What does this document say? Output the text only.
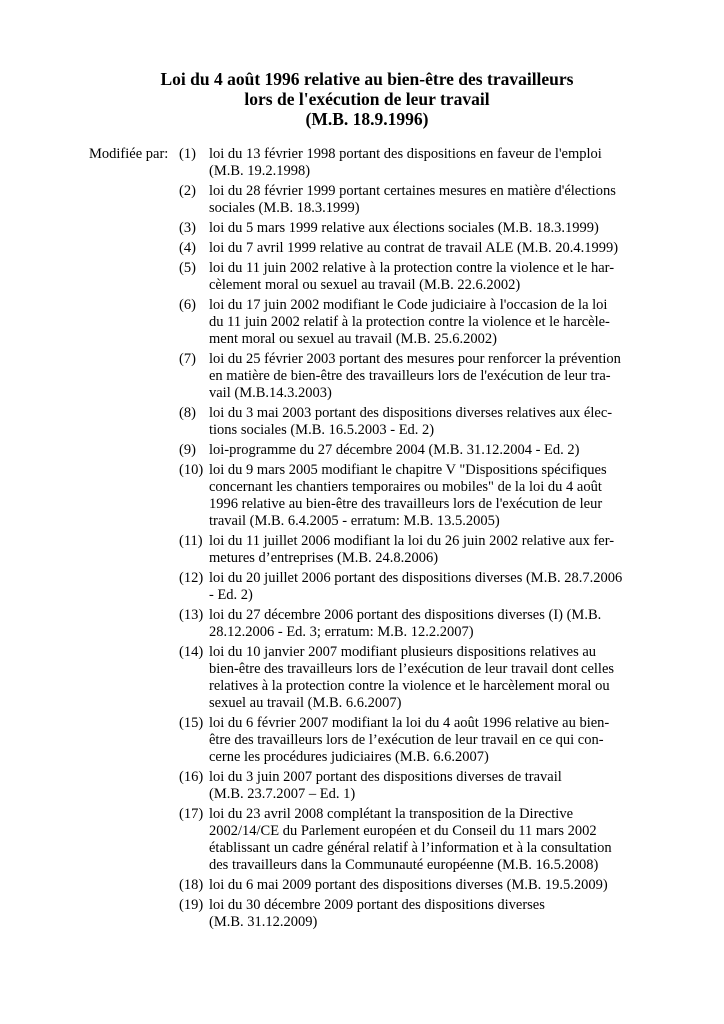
Loi du 4 août 1996 relative au bien-être des travailleurs
lors de l'exécution de leur travail
(M.B. 18.9.1996)
Modifiée par: (1) loi du 13 février 1998 portant des dispositions en faveur de l'emploi
(M.B. 19.2.1998)
(2) loi du 28 février 1999 portant certaines mesures en matière d'élections
sociales (M.B. 18.3.1999)
(3) loi du 5 mars 1999 relative aux élections sociales (M.B. 18.3.1999)
(4) loi du 7 avril 1999 relative au contrat de travail ALE (M.B. 20.4.1999)
(5) loi du 11 juin 2002 relative à la protection contre la violence et le har-
cèlement moral ou sexuel au travail (M.B. 22.6.2002)
(6) loi du 17 juin 2002 modifiant le Code judiciaire à l'occasion de la loi
du 11 juin 2002 relatif à la protection contre la violence et le harcèle-
ment moral ou sexuel au travail (M.B. 25.6.2002)
(7) loi du 25 février 2003 portant des mesures pour renforcer la prévention
en matière de bien-être des travailleurs lors de l'exécution de leur tra-
vail (M.B.14.3.2003)
(8) loi du 3 mai 2003 portant des dispositions diverses relatives aux élec-
tions sociales (M.B. 16.5.2003 - Ed. 2)
(9) loi-programme du 27 décembre 2004 (M.B. 31.12.2004 - Ed. 2)
(10) loi du 9 mars 2005 modifiant le chapitre V "Dispositions spécifiques
concernant les chantiers temporaires ou mobiles" de la loi du 4 août
1996 relative au bien-être des travailleurs lors de l'exécution de leur
travail (M.B. 6.4.2005 - erratum: M.B. 13.5.2005)
(11) loi du 11 juillet 2006 modifiant la loi du 26 juin 2002 relative aux fer-
metures d’entreprises (M.B. 24.8.2006)
(12) loi du 20 juillet 2006 portant des dispositions diverses (M.B. 28.7.2006
- Ed. 2)
(13) loi du 27 décembre 2006 portant des dispositions diverses (I) (M.B.
28.12.2006 - Ed. 3; erratum: M.B. 12.2.2007)
(14) loi du 10 janvier 2007 modifiant plusieurs dispositions relatives au
bien-être des travailleurs lors de l’exécution de leur travail dont celles
relatives à la protection contre la violence et le harcèlement moral ou
sexuel au travail (M.B. 6.6.2007)
(15) loi du 6 février 2007 modifiant la loi du 4 août 1996 relative au bien-
être des travailleurs lors de l’exécution de leur travail en ce qui con-
cerne les procédures judiciaires (M.B. 6.6.2007)
(16) loi du 3 juin 2007 portant des dispositions diverses de travail
(M.B. 23.7.2007 – Ed. 1)
(17) loi du 23 avril 2008 complétant la transposition de la Directive
2002/14/CE du Parlement européen et du Conseil du 11 mars 2002
établissant un cadre général relatif à l’information et à la consultation
des travailleurs dans la Communauté européenne (M.B. 16.5.2008)
(18) loi du 6 mai 2009 portant des dispositions diverses (M.B. 19.5.2009)
(19) loi du 30 décembre 2009 portant des dispositions diverses
(M.B. 31.12.2009)
